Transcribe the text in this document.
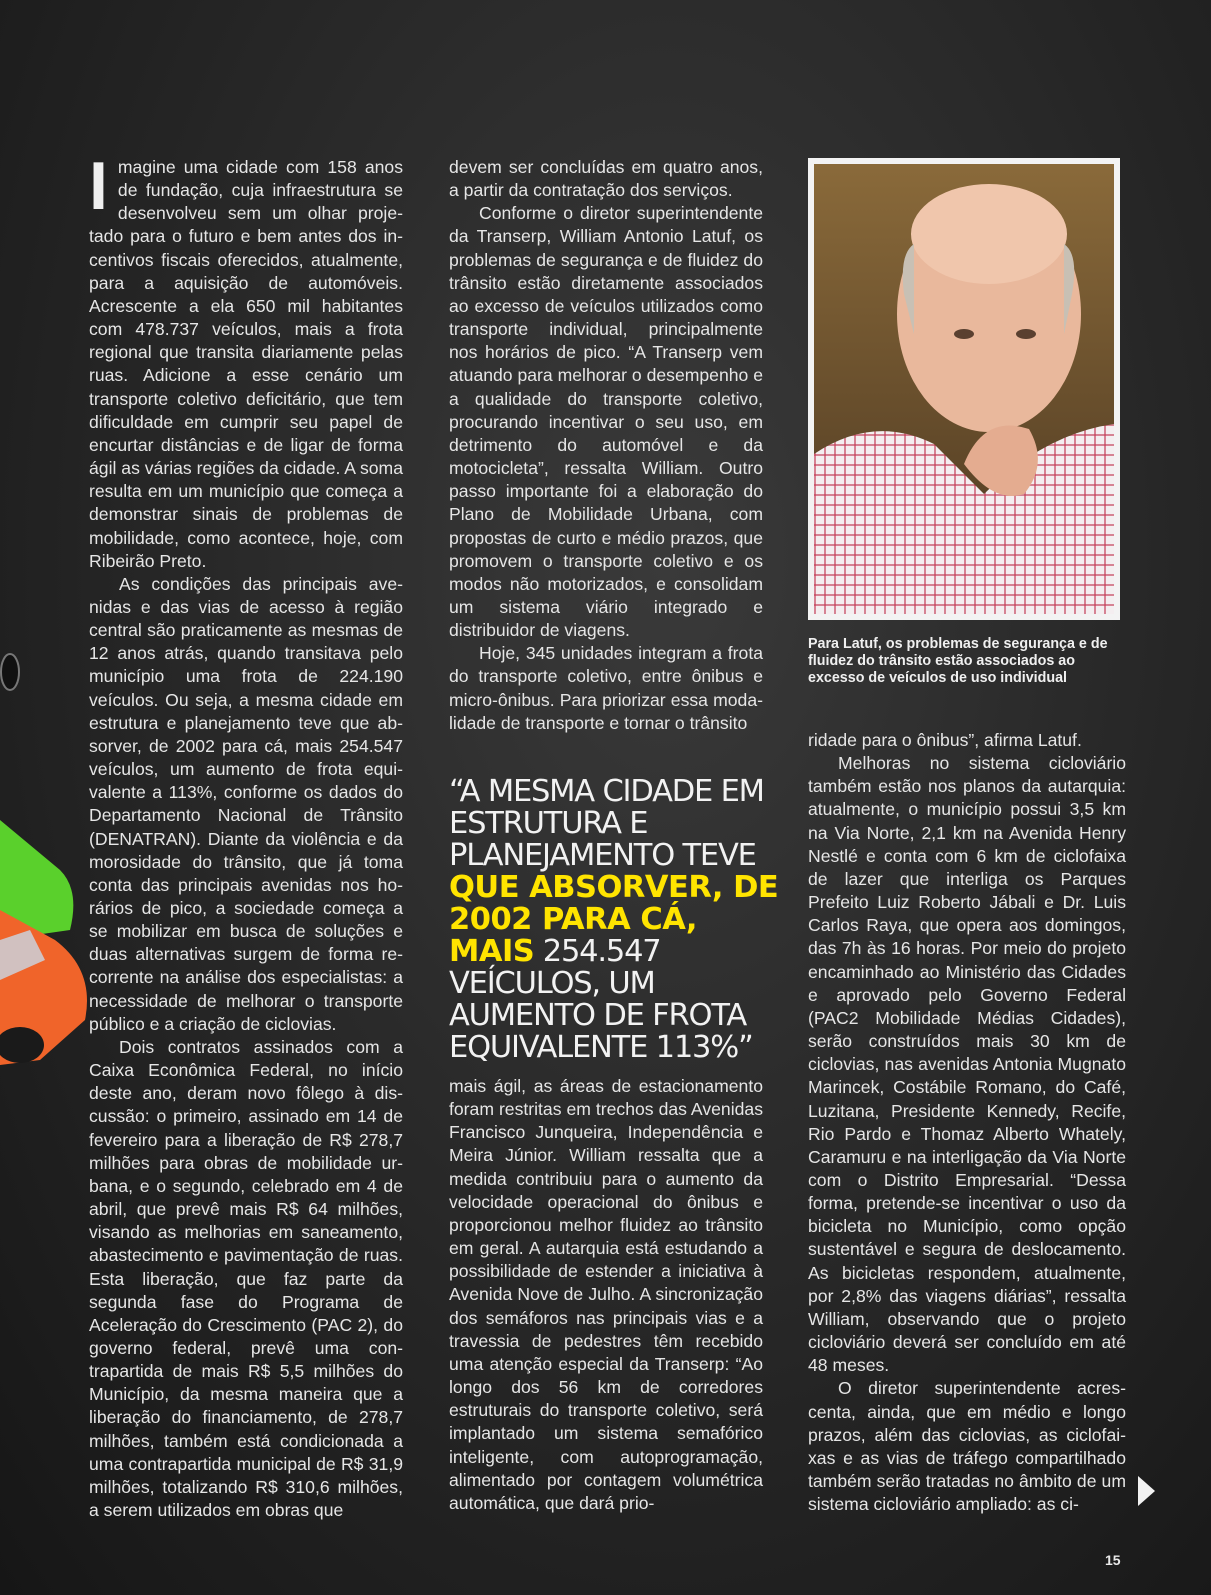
Imagine uma cidade com 158 anos de fundação, cuja infraestrutura se desenvolveu sem um olhar projetado para o futuro e bem antes dos incentivos fiscais oferecidos, atualmente, para a aquisição de automóveis. Acrescente a ela 650 mil habitantes com 478.737 veículos, mais a frota regional que transita diariamente pelas ruas. Adicione a esse cenário um transporte coletivo deficitário, que tem dificuldade em cumprir seu papel de encurtar distâncias e de ligar de forma ágil as várias regiões da cidade. A soma resulta em um município que começa a demonstrar sinais de problemas de mobilidade, como acontece, hoje, com Ribeirão Preto.

As condições das principais avenidas e das vias de acesso à região central são praticamente as mesmas de 12 anos atrás, quando transitava pelo município uma frota de 224.190 veículos. Ou seja, a mesma cidade em estrutura e planejamento teve que absorver, de 2002 para cá, mais 254.547 veículos, um aumento de frota equivalente a 113%, conforme os dados do Departamento Nacional de Trânsito (DENATRAN). Diante da violência e da morosidade do trânsito, que já toma conta das principais avenidas nos horários de pico, a sociedade começa a se mobilizar em busca de soluções e duas alternativas surgem de forma recorrente na análise dos especialistas: a necessidade de melhorar o transporte público e a criação de ciclovias.

Dois contratos assinados com a Caixa Econômica Federal, no início deste ano, deram novo fôlego à discussão: o primeiro, assinado em 14 de fevereiro para a liberação de R$ 278,7 milhões para obras de mobilidade urbana, e o segundo, celebrado em 4 de abril, que prevê mais R$ 64 milhões, visando as melhorias em saneamento, abastecimento e pavimentação de ruas. Esta liberação, que faz parte da segunda fase do Programa de Aceleração do Crescimento (PAC 2), do governo federal, prevê uma contrapartida de mais R$ 5,5 milhões do Município, da mesma maneira que a liberação do financiamento, de 278,7 milhões, também está condicionada a uma contrapartida municipal de R$ 31,9 milhões, totalizando R$ 310,6 milhões, a serem utilizados em obras que

devem ser concluídas em quatro anos, a partir da contratação dos serviços.

Conforme o diretor superintendente da Transerp, William Antonio Latuf, os problemas de segurança e de fluidez do trânsito estão diretamente associados ao excesso de veículos utilizados como transporte individual, principalmente nos horários de pico. “A Transerp vem atuando para melhorar o desempenho e a qualidade do transporte coletivo, procurando incentivar o seu uso, em detrimento do automóvel e da motocicleta”, ressalta William. Outro passo importante foi a elaboração do Plano de Mobilidade Urbana, com propostas de curto e médio prazos, que promovem o transporte coletivo e os modos não motorizados, e consolidam um sistema viário integrado e distribuidor de viagens.

Hoje, 345 unidades integram a frota do transporte coletivo, entre ônibus e micro-ônibus. Para priorizar essa modalidade de transporte e tornar o trânsito

“A MESMA CIDADE EM ESTRUTURA E PLANEJAMENTO TEVE QUE ABSORVER, DE 2002 PARA CÁ, MAIS 254.547 VEÍCULOS, UM AUMENTO DE FROTA EQUIVALENTE 113%”

mais ágil, as áreas de estacionamento foram restritas em trechos das Avenidas Francisco Junqueira, Independência e Meira Júnior. William ressalta que a medida contribuiu para o aumento da velocidade operacional do ônibus e proporcionou melhor fluidez ao trânsito em geral. A autarquia está estudando a possibilidade de estender a iniciativa à Avenida Nove de Julho. A sincronização dos semáforos nas principais vias e a travessia de pedestres têm recebido uma atenção especial da Transerp: “Ao longo dos 56 km de corredores estruturais do transporte coletivo, será implantado um sistema semafórico inteligente, com autoprogramação, alimentado por contagem volumétrica automática, que dará prio-

Para Latuf, os problemas de segurança e de fluidez do trânsito estão associados ao excesso de veículos de uso individual

ridade para o ônibus”, afirma Latuf.

Melhoras no sistema cicloviário também estão nos planos da autarquia: atualmente, o município possui 3,5 km na Via Norte, 2,1 km na Avenida Henry Nestlé e conta com 6 km de ciclofaixa de lazer que interliga os Parques Prefeito Luiz Roberto Jábali e Dr. Luis Carlos Raya, que opera aos domingos, das 7h às 16 horas. Por meio do projeto encaminhado ao Ministério das Cidades e aprovado pelo Governo Federal (PAC2 Mobilidade Médias Cidades), serão construídos mais 30 km de ciclovias, nas avenidas Antonia Mugnato Marincek, Costábile Romano, do Café, Luzitana, Presidente Kennedy, Recife, Rio Pardo e Thomaz Alberto Whately, Caramuru e na interligação da Via Norte com o Distrito Empresarial. “Dessa forma, pretende-se incentivar o uso da bicicleta no Município, como opção sustentável e segura de deslocamento. As bicicletas respondem, atualmente, por 2,8% das viagens diárias”, ressalta William, observando que o projeto cicloviário deverá ser concluído em até 48 meses.

O diretor superintendente acrescenta, ainda, que em médio e longo prazos, além das ciclovias, as ciclofaixas e as vias de tráfego compartilhado também serão tratadas no âmbito de um sistema cicloviário ampliado: as ci-

15
